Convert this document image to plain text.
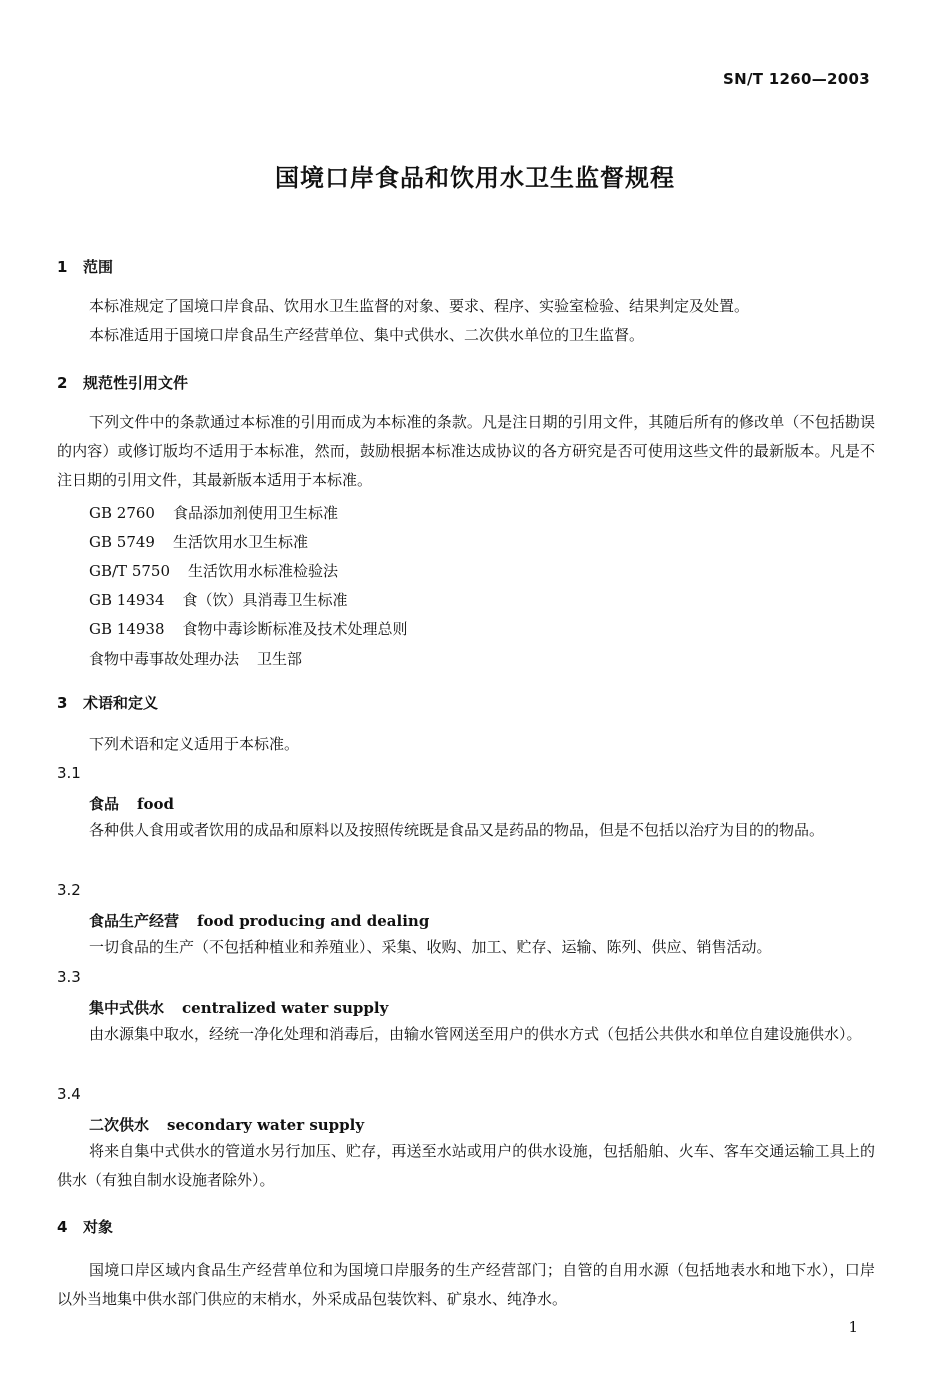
SN/T 1260—2003
国境口岸食品和饮用水卫生监督规程
1 范围
本标准规定了国境口岸食品、饮用水卫生监督的对象、要求、程序、实验室检验、结果判定及处置。
本标准适用于国境口岸食品生产经营单位、集中式供水、二次供水单位的卫生监督。
2 规范性引用文件
下列文件中的条款通过本标准的引用而成为本标准的条款。凡是注日期的引用文件，其随后所有的修改单（不包括勘误的内容）或修订版均不适用于本标准，然而，鼓励根据本标准达成协议的各方研究是否可使用这些文件的最新版本。凡是不注日期的引用文件，其最新版本适用于本标准。
GB 2760 食品添加剂使用卫生标准
GB 5749 生活饮用水卫生标准
GB/T 5750 生活饮用水标准检验法
GB 14934 食（饮）具消毒卫生标准
GB 14938 食物中毒诊断标准及技术处理总则
食物中毒事故处理办法 卫生部
3 术语和定义
下列术语和定义适用于本标准。
3.1
食品 food
各种供人食用或者饮用的成品和原料以及按照传统既是食品又是药品的物品，但是不包括以治疗为目的的物品。
3.2
食品生产经营 food producing and dealing
一切食品的生产（不包括种植业和养殖业）、采集、收购、加工、贮存、运输、陈列、供应、销售活动。
3.3
集中式供水 centralized water supply
由水源集中取水，经统一净化处理和消毒后，由输水管网送至用户的供水方式（包括公共供水和单位自建设施供水）。
3.4
二次供水 secondary water supply
将来自集中式供水的管道水另行加压、贮存，再送至水站或用户的供水设施，包括船舶、火车、客车交通运输工具上的供水（有独自制水设施者除外）。
4 对象
国境口岸区域内食品生产经营单位和为国境口岸服务的生产经营部门；自管的自用水源（包括地表水和地下水），口岸以外当地集中供水部门供应的末梢水，外采成品包装饮料、矿泉水、纯净水。
1
